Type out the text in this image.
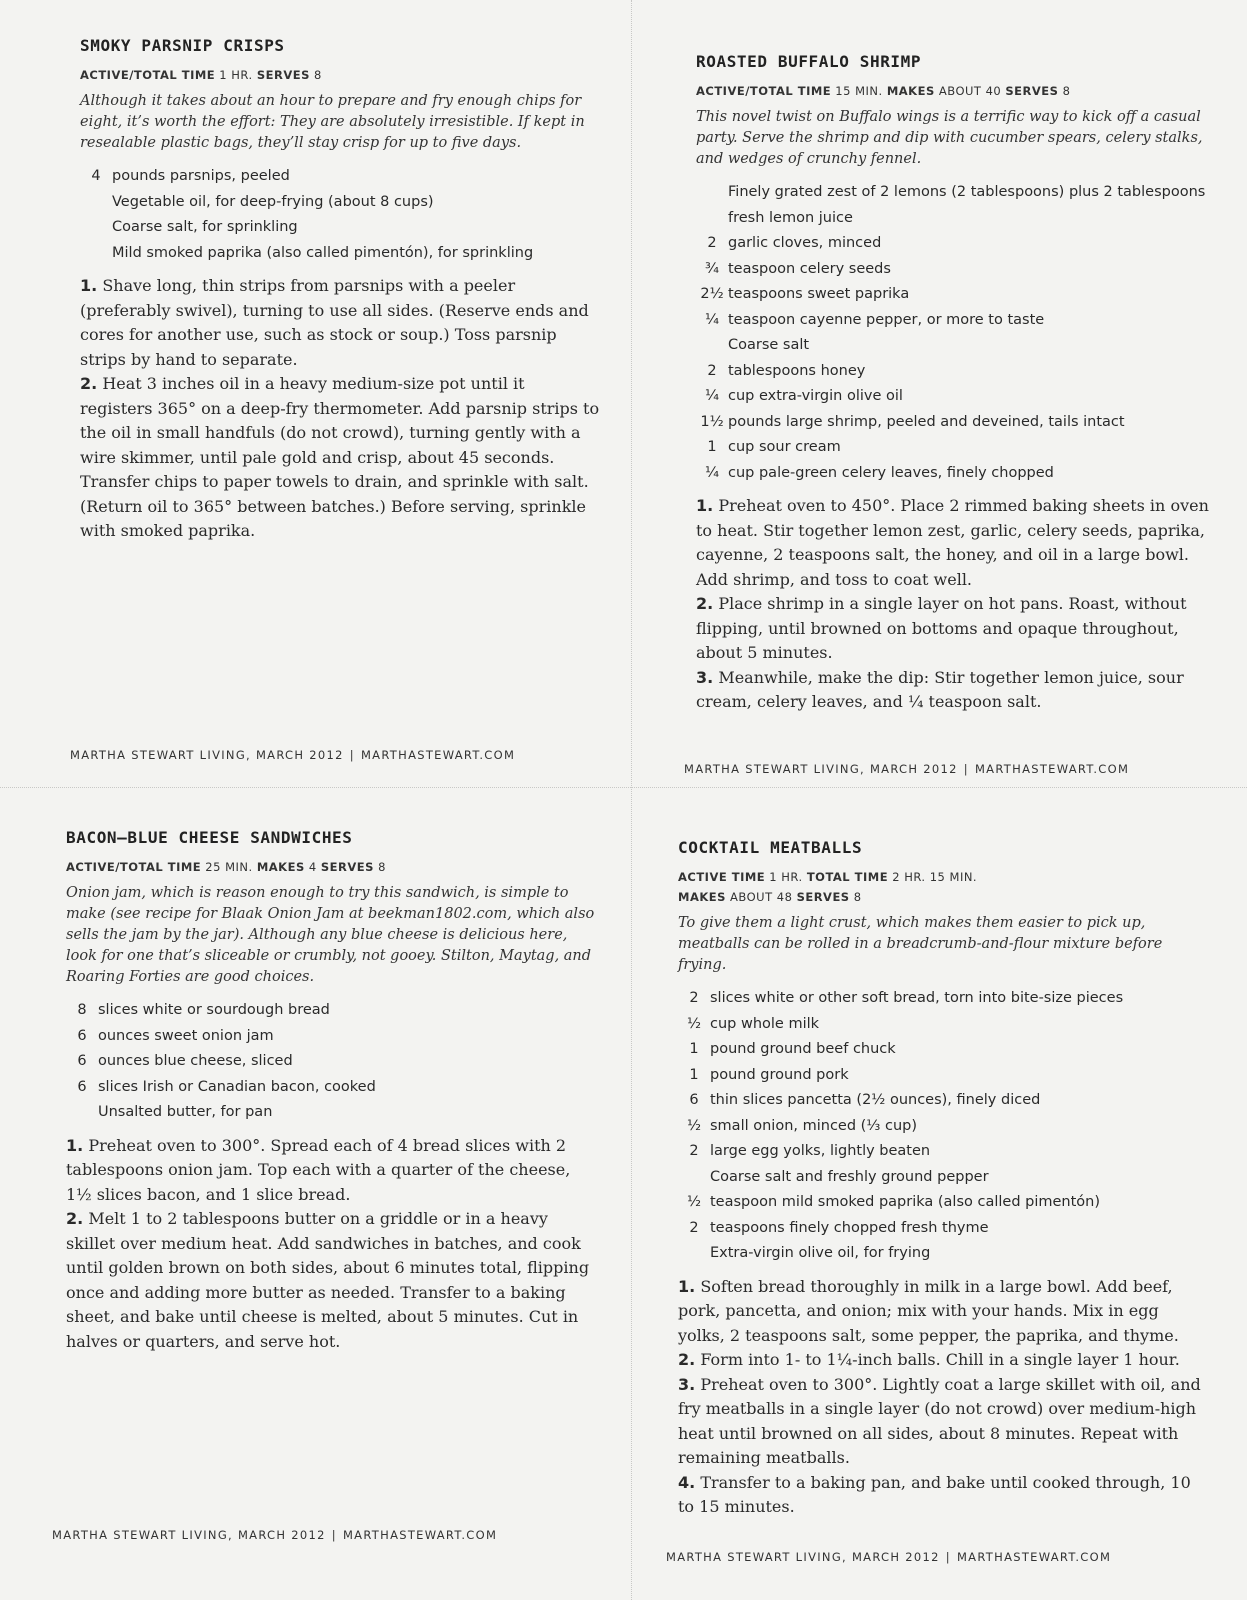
SMOKY PARSNIP CRISPS
ACTIVE/TOTAL TIME 1 HR. SERVES 8

Although it takes about an hour to prepare and fry enough chips for eight, it’s worth the effort: They are absolutely irresistible. If kept in resealable plastic bags, they’ll stay crisp for up to five days.

4 pounds parsnips, peeled
Vegetable oil, for deep-frying (about 8 cups)
Coarse salt, for sprinkling
Mild smoked paprika (also called pimentón), for sprinkling

1. Shave long, thin strips from parsnips with a peeler (preferably swivel), turning to use all sides. (Reserve ends and cores for another use, such as stock or soup.) Toss parsnip strips by hand to separate.

2. Heat 3 inches oil in a heavy medium-size pot until it registers 365° on a deep-fry thermometer. Add parsnip strips to the oil in small handfuls (do not crowd), turning gently with a wire skimmer, until pale gold and crisp, about 45 seconds. Transfer chips to paper towels to drain, and sprinkle with salt. (Return oil to 365° between batches.) Before serving, sprinkle with smoked paprika.

MARTHA STEWART LIVING, MARCH 2012 | MARTHASTEWART.COM
ROASTED BUFFALO SHRIMP
ACTIVE/TOTAL TIME 15 MIN. MAKES ABOUT 40 SERVES 8

This novel twist on Buffalo wings is a terrific way to kick off a casual party. Serve the shrimp and dip with cucumber spears, celery stalks, and wedges of crunchy fennel.

Finely grated zest of 2 lemons (2 tablespoons) plus 2 tablespoons fresh lemon juice
2 garlic cloves, minced
¾ teaspoon celery seeds
2½ teaspoons sweet paprika
¼ teaspoon cayenne pepper, or more to taste
Coarse salt
2 tablespoons honey
¼ cup extra-virgin olive oil
1½ pounds large shrimp, peeled and deveined, tails intact
1 cup sour cream
¼ cup pale-green celery leaves, finely chopped

1. Preheat oven to 450°. Place 2 rimmed baking sheets in oven to heat. Stir together lemon zest, garlic, celery seeds, paprika, cayenne, 2 teaspoons salt, the honey, and oil in a large bowl. Add shrimp, and toss to coat well.

2. Place shrimp in a single layer on hot pans. Roast, without flipping, until browned on bottoms and opaque throughout, about 5 minutes.

3. Meanwhile, make the dip: Stir together lemon juice, sour cream, celery leaves, and ¼ teaspoon salt.

MARTHA STEWART LIVING, MARCH 2012 | MARTHASTEWART.COM
BACON–BLUE CHEESE SANDWICHES
ACTIVE/TOTAL TIME 25 MIN. MAKES 4 SERVES 8

Onion jam, which is reason enough to try this sandwich, is simple to make (see recipe for Blaak Onion Jam at beekman1802.com, which also sells the jam by the jar). Although any blue cheese is delicious here, look for one that’s sliceable or crumbly, not gooey. Stilton, Maytag, and Roaring Forties are good choices.

8 slices white or sourdough bread
6 ounces sweet onion jam
6 ounces blue cheese, sliced
6 slices Irish or Canadian bacon, cooked
Unsalted butter, for pan

1. Preheat oven to 300°. Spread each of 4 bread slices with 2 tablespoons onion jam. Top each with a quarter of the cheese, 1½ slices bacon, and 1 slice bread.

2. Melt 1 to 2 tablespoons butter on a griddle or in a heavy skillet over medium heat. Add sandwiches in batches, and cook until golden brown on both sides, about 6 minutes total, flipping once and adding more butter as needed. Transfer to a baking sheet, and bake until cheese is melted, about 5 minutes. Cut in halves or quarters, and serve hot.

MARTHA STEWART LIVING, MARCH 2012 | MARTHASTEWART.COM
COCKTAIL MEATBALLS
ACTIVE TIME 1 HR. TOTAL TIME 2 HR. 15 MIN.
MAKES ABOUT 48 SERVES 8

To give them a light crust, which makes them easier to pick up, meatballs can be rolled in a breadcrumb-and-flour mixture before frying.

2 slices white or other soft bread, torn into bite-size pieces
½ cup whole milk
1 pound ground beef chuck
1 pound ground pork
6 thin slices pancetta (2½ ounces), finely diced
½ small onion, minced (⅓ cup)
2 large egg yolks, lightly beaten
Coarse salt and freshly ground pepper
½ teaspoon mild smoked paprika (also called pimentón)
2 teaspoons finely chopped fresh thyme
Extra-virgin olive oil, for frying

1. Soften bread thoroughly in milk in a large bowl. Add beef, pork, pancetta, and onion; mix with your hands. Mix in egg yolks, 2 teaspoons salt, some pepper, the paprika, and thyme.

2. Form into 1- to 1¼-inch balls. Chill in a single layer 1 hour.

3. Preheat oven to 300°. Lightly coat a large skillet with oil, and fry meatballs in a single layer (do not crowd) over medium-high heat until browned on all sides, about 8 minutes. Repeat with remaining meatballs.

4. Transfer to a baking pan, and bake until cooked through, 10 to 15 minutes.

MARTHA STEWART LIVING, MARCH 2012 | MARTHASTEWART.COM
